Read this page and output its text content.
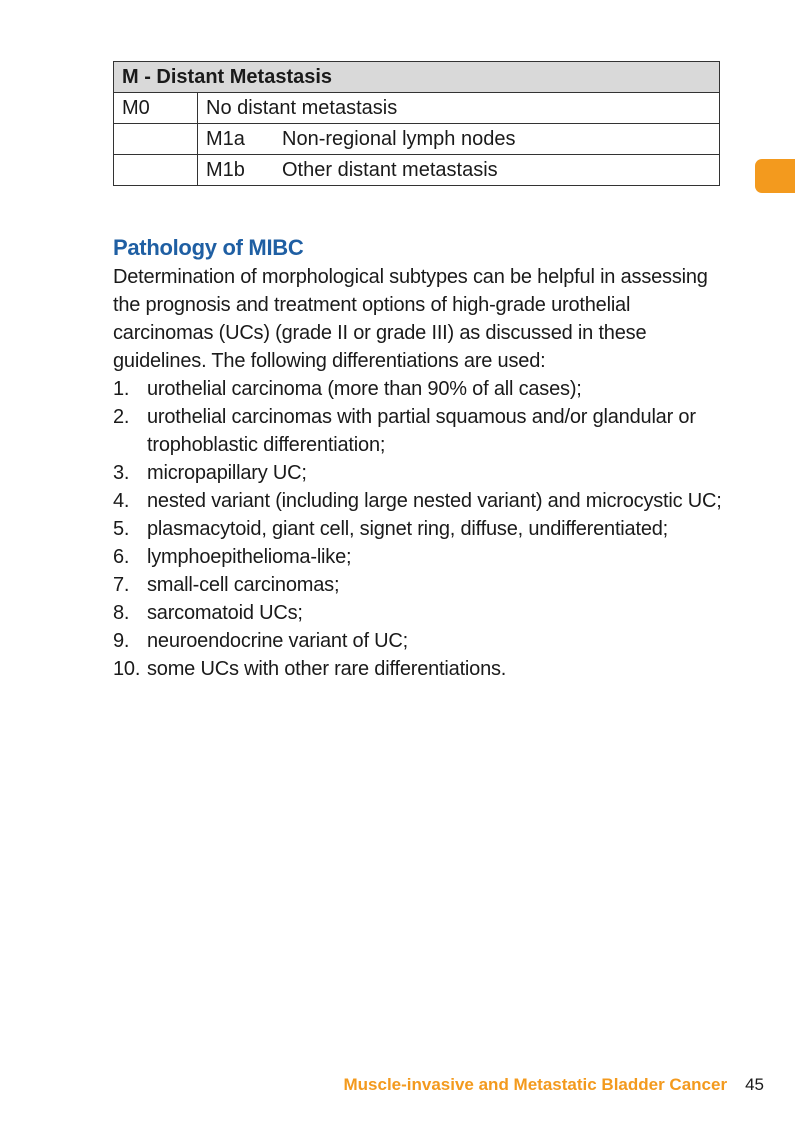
M - Distant Metastasis	
M0	No distant metastasis

	M1a Non-regional lymph nodes

	M1b Other distant metastasis
Pathology of MIBC

Determination of morphological subtypes can be helpful in assessing the prognosis and treatment options of high-grade urothelial carcinomas (UCs) (grade II or grade III) as discussed in these guidelines. The following differentiations are used:

1. urothelial carcinoma (more than 90% of all cases);
2. urothelial carcinomas with partial squamous and/or glandular or trophoblastic differentiation;
3. micropapillary UC;
4. nested variant (including large nested variant) and microcystic UC;
5. plasmacytoid, giant cell, signet ring, diffuse, undifferentiated;
6. lymphoepithelioma-like;
7. small-cell carcinomas;
8. sarcomatoid UCs;
9. neuroendocrine variant of UC;
10. some UCs with other rare differentiations.
Muscle-invasive and Metastatic Bladder Cancer 45
